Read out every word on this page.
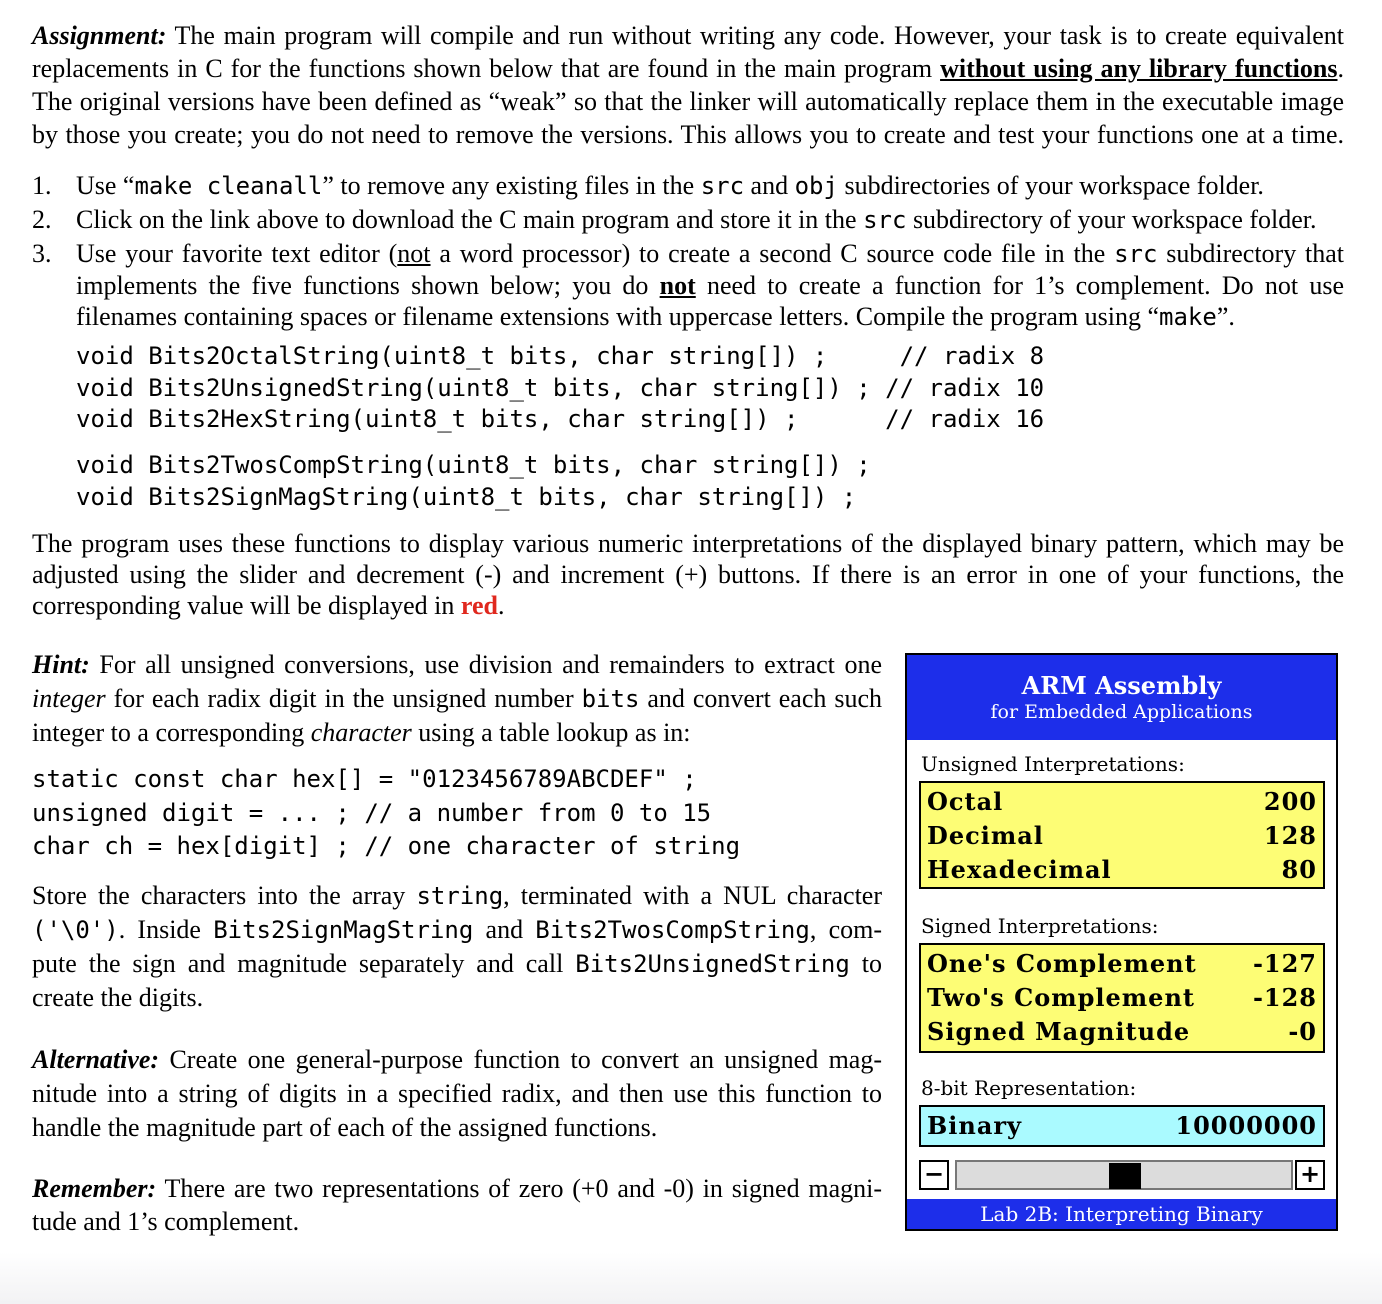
Assignment: The main program will compile and run without writing any code. However, your task is to create equivalent
replacements in C for the functions shown below that are found in the main program without using any library functions.
The original versions have been defined as “weak” so that the linker will automatically replace them in the executable image
by those you create; you do not need to remove the versions. This allows you to create and test your functions one at a time.
1. Use “make cleanall” to remove any existing files in the src and obj subdirectories of your workspace folder.
2. Click on the link above to download the C main program and store it in the src subdirectory of your workspace folder.
3. Use your favorite text editor (not a word processor) to create a second C source code file in the src subdirectory that
implements the five functions shown below; you do not need to create a function for 1’s complement. Do not use
filenames containing spaces or filename extensions with uppercase letters. Compile the program using “make”.
void Bits2OctalString(uint8_t bits, char string[]) ;     // radix 8
void Bits2UnsignedString(uint8_t bits, char string[]) ; // radix 10
void Bits2HexString(uint8_t bits, char string[]) ;      // radix 16
void Bits2TwosCompString(uint8_t bits, char string[]) ;
void Bits2SignMagString(uint8_t bits, char string[]) ;
The program uses these functions to display various numeric interpretations of the displayed binary pattern, which may be
adjusted using the slider and decrement (-) and increment (+) buttons. If there is an error in one of your functions, the
corresponding value will be displayed in red.
Hint: For all unsigned conversions, use division and remainders to extract one
integer for each radix digit in the unsigned number bits and convert each such
integer to a corresponding character using a table lookup as in:
static const char hex[] = "0123456789ABCDEF" ;
unsigned digit = ... ; // a number from 0 to 15
char ch = hex[digit] ; // one character of string
Store the characters into the array string, terminated with a NUL character
('\0'). Inside Bits2SignMagString and Bits2TwosCompString, com-
pute the sign and magnitude separately and call Bits2UnsignedString to
create the digits.
Alternative: Create one general-purpose function to convert an unsigned mag-
nitude into a string of digits in a specified radix, and then use this function to
handle the magnitude part of each of the assigned functions.
Remember: There are two representations of zero (+0 and -0) in signed magni-
tude and 1’s complement.
ARM Assembly
for Embedded Applications
Unsigned Interpretations:
Octal	200
Decimal	128
Hexadecimal	80
Signed Interpretations:
One's Complement -127
Two's Complement -128
Signed Magnitude	-0
8-bit Representation:
Binary	10000000
−	+
Lab 2B: Interpreting Binary
